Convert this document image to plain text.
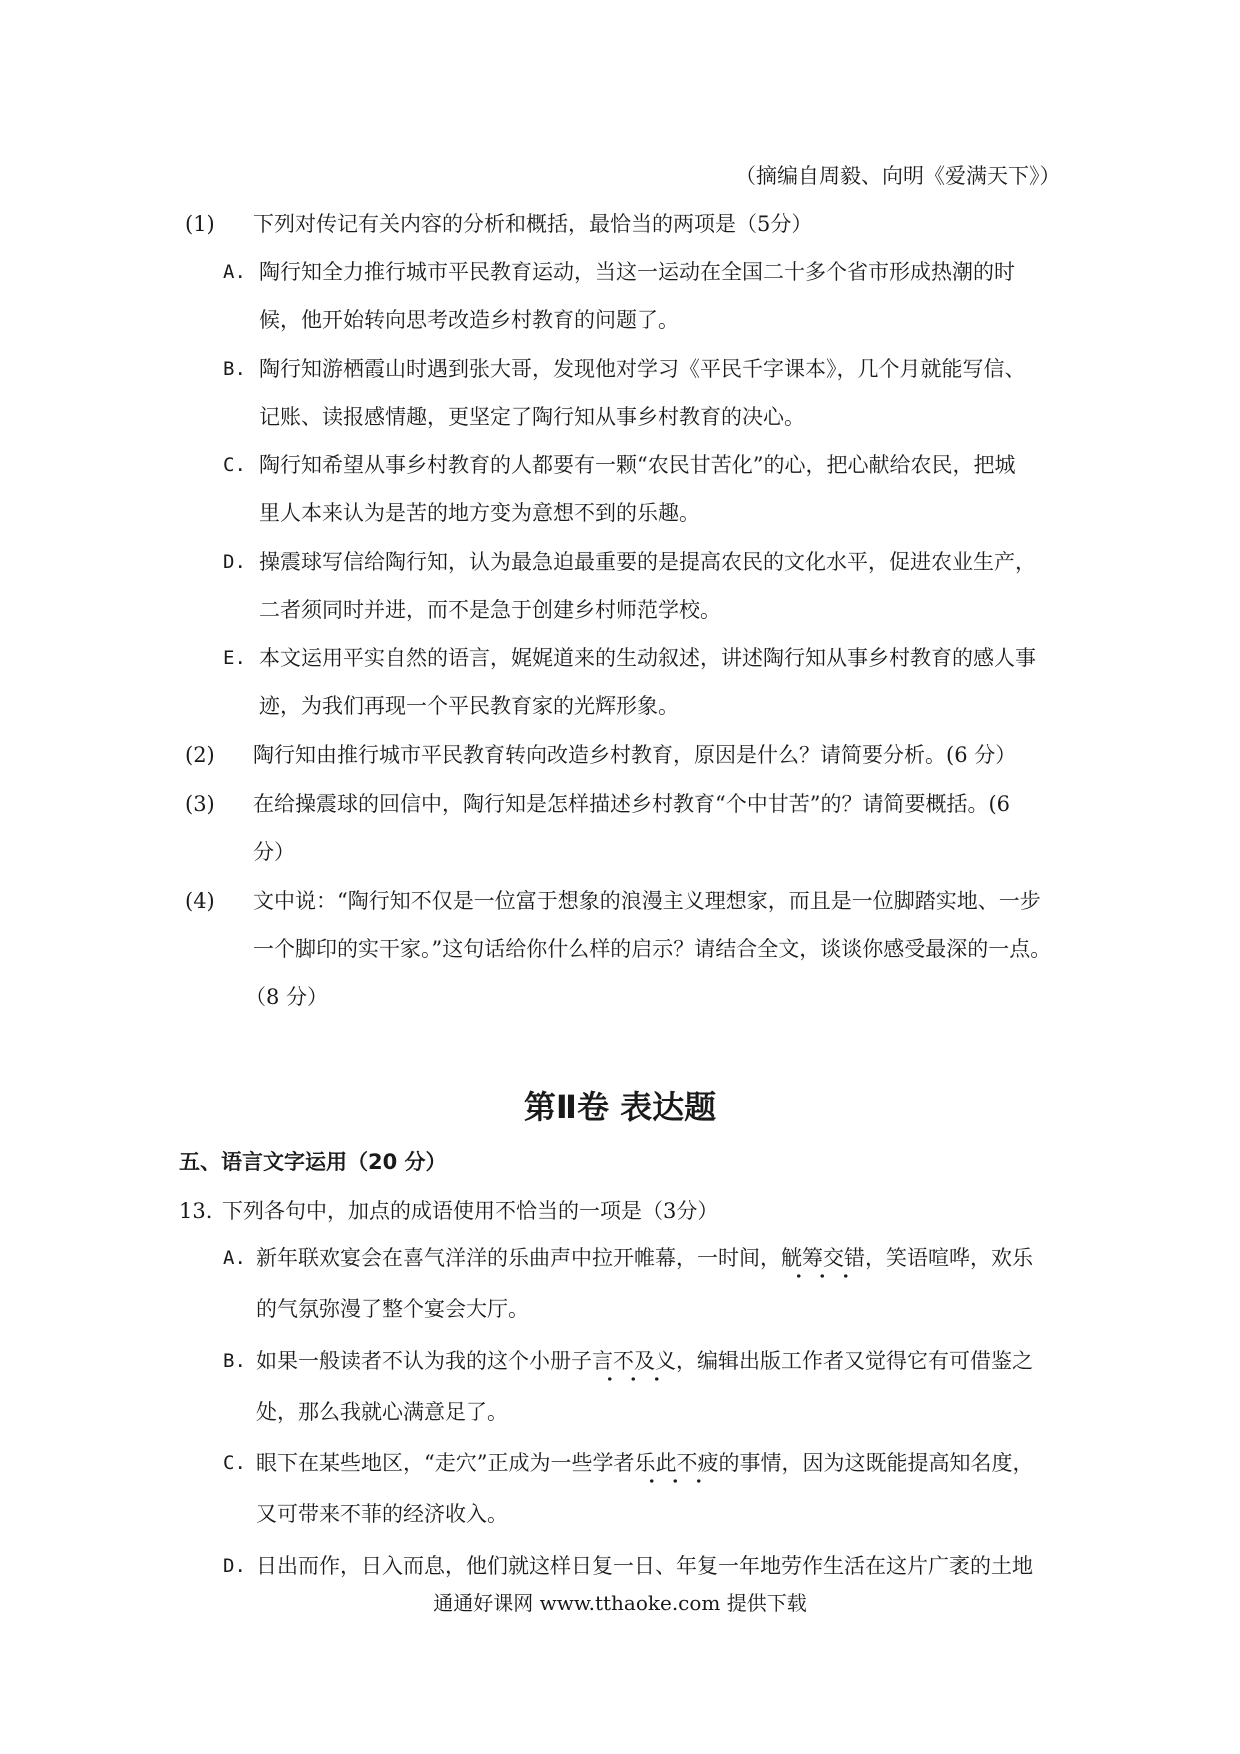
（摘编自周毅、向明《爱满天下》）
(1) 下列对传记有关内容的分析和概括，最恰当的两项是（5分）
A. 陶行知全力推行城市平民教育运动，当这一运动在全国二十多个省市形成热潮的时
候，他开始转向思考改造乡村教育的问题了。
B. 陶行知游栖霞山时遇到张大哥，发现他对学习《平民千字课本》，几个月就能写信、
记账、读报感情趣，更坚定了陶行知从事乡村教育的决心。
C. 陶行知希望从事乡村教育的人都要有一颗“农民甘苦化”的心，把心献给农民，把城
里人本来认为是苦的地方变为意想不到的乐趣。
D. 操震球写信给陶行知，认为最急迫最重要的是提高农民的文化水平，促进农业生产，
二者须同时并进，而不是急于创建乡村师范学校。
E. 本文运用平实自然的语言，娓娓道来的生动叙述，讲述陶行知从事乡村教育的感人事
迹，为我们再现一个平民教育家的光辉形象。
(2) 陶行知由推行城市平民教育转向改造乡村教育，原因是什么？请简要分析。(6 分）
(3) 在给操震球的回信中，陶行知是怎样描述乡村教育“个中甘苦”的？请简要概括。(6
分）
(4) 文中说：“陶行知不仅是一位富于想象的浪漫主义理想家，而且是一位脚踏实地、一步
一个脚印的实干家。”这句话给你什么样的启示？请结合全文，谈谈你感受最深的一点。
（8 分）
第Ⅱ卷 表达题
五、语言文字运用（20 分）
13. 下列各句中，加点的成语使用不恰当的一项是（3分）
A. 新年联欢宴会在喜气洋洋的乐曲声中拉开帷幕，一时间，觥筹交错，笑语喧哗，欢乐
的气氛弥漫了整个宴会大厅。
B. 如果一般读者不认为我的这个小册子言不及义，编辑出版工作者又觉得它有可借鉴之
处，那么我就心满意足了。
C. 眼下在某些地区，“走穴”正成为一些学者乐此不疲的事情，因为这既能提高知名度，
又可带来不菲的经济收入。
D. 日出而作，日入而息，他们就这样日复一日、年复一年地劳作生活在这片广袤的土地
通通好课网 www.tthaoke.com 提供下载
